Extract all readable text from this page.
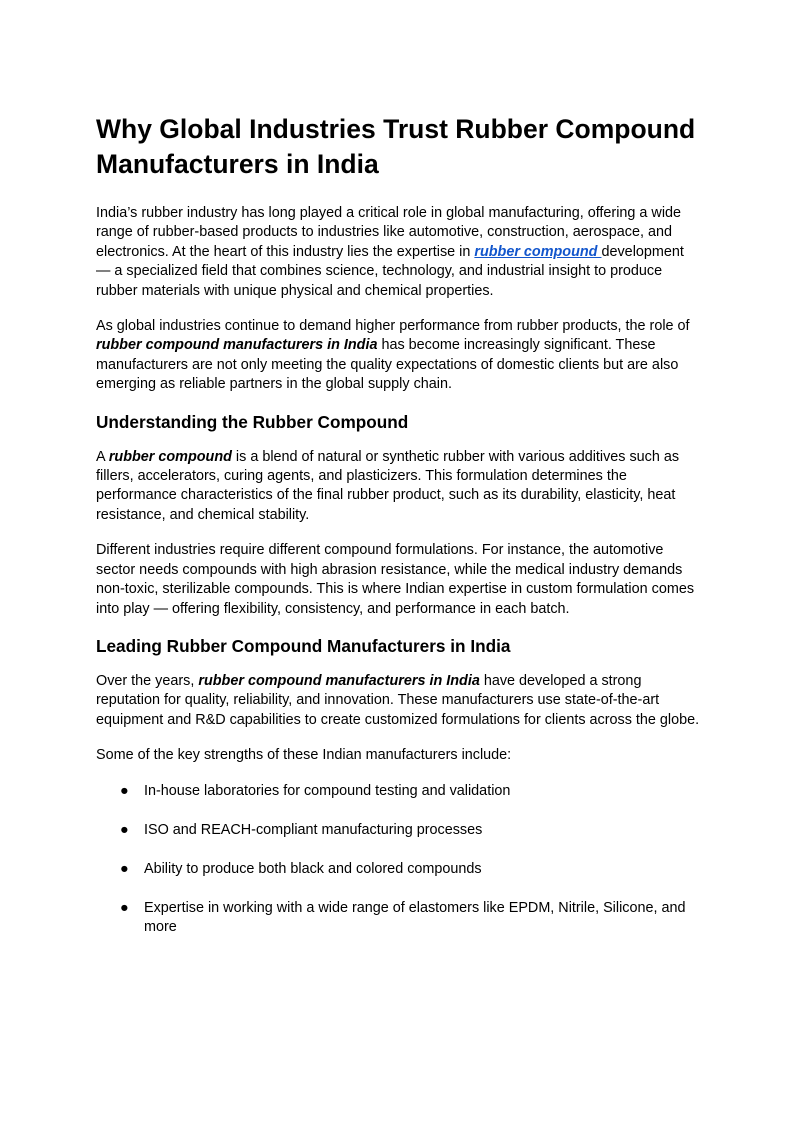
Why Global Industries Trust Rubber Compound Manufacturers in India

India’s rubber industry has long played a critical role in global manufacturing, offering a wide range of rubber-based products to industries like automotive, construction, aerospace, and electronics. At the heart of this industry lies the expertise in rubber compound development — a specialized field that combines science, technology, and industrial insight to produce rubber materials with unique physical and chemical properties.

As global industries continue to demand higher performance from rubber products, the role of rubber compound manufacturers in India has become increasingly significant. These manufacturers are not only meeting the quality expectations of domestic clients but are also emerging as reliable partners in the global supply chain.

Understanding the Rubber Compound

A rubber compound is a blend of natural or synthetic rubber with various additives such as fillers, accelerators, curing agents, and plasticizers. This formulation determines the performance characteristics of the final rubber product, such as its durability, elasticity, heat resistance, and chemical stability.

Different industries require different compound formulations. For instance, the automotive sector needs compounds with high abrasion resistance, while the medical industry demands non-toxic, sterilizable compounds. This is where Indian expertise in custom formulation comes into play — offering flexibility, consistency, and performance in each batch.

Leading Rubber Compound Manufacturers in India

Over the years, rubber compound manufacturers in India have developed a strong reputation for quality, reliability, and innovation. These manufacturers use state-of-the-art equipment and R&D capabilities to create customized formulations for clients across the globe.

Some of the key strengths of these Indian manufacturers include:

● In-house laboratories for compound testing and validation
● ISO and REACH-compliant manufacturing processes
● Ability to produce both black and colored compounds
● Expertise in working with a wide range of elastomers like EPDM, Nitrile, Silicone, and more
